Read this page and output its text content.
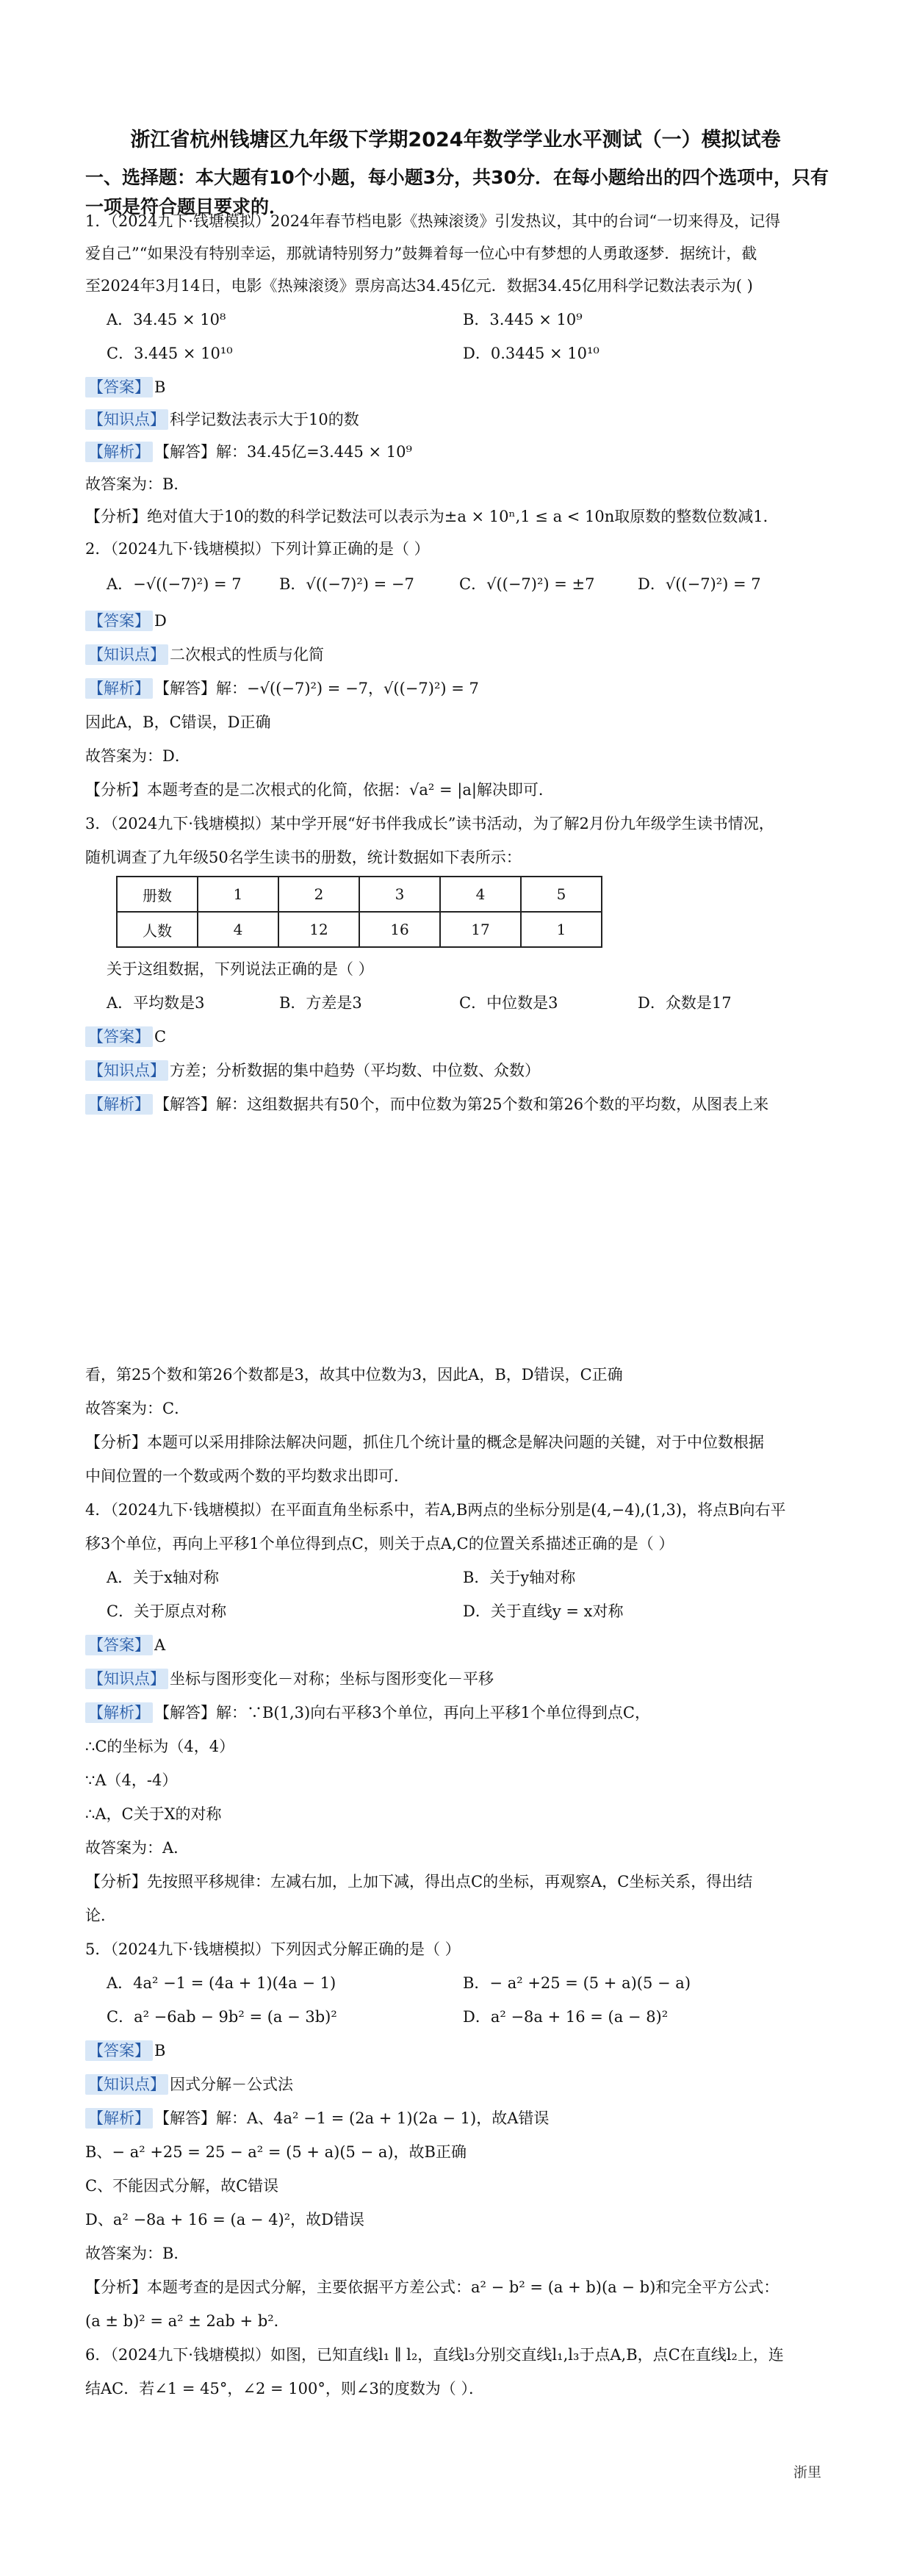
浙江省杭州钱塘区九年级下学期2024年数学学业水平测试（一）模拟试卷
一、选择题：本大题有10个小题，每小题3分，共30分．在每小题给出的四个选项中，只有一项是符合题目要求的．
1．（2024九下·钱塘模拟）2024年春节档电影《热辣滚烫》引发热议，其中的台词“一切来得及，记得
爱自己”“如果没有特别幸运，那就请特别努力”鼓舞着每一位心中有梦想的人勇敢逐梦．据统计，截
至2024年3月14日，电影《热辣滚烫》票房高达34.45亿元．数据34.45亿用科学记数法表示为( )
A．34.45 × 10⁸	B．3.445 × 10⁹
C．3.445 × 10¹⁰	D．0.3445 × 10¹⁰
【答案】 B
【知识点】 科学记数法表示大于10的数
【解析】 【解答】解：34.45亿=3.445 × 10⁹
故答案为：B．
【分析】绝对值大于10的数的科学记数法可以表示为±a × 10ⁿ,1 ≤ a < 10n取原数的整数位数减1．
2．（2024九下·钱塘模拟）下列计算正确的是（ ）
A．−√((−7)²) = 7 B．√((−7)²) = −7	C．√((−7)²) = ±7	D．√((−7)²) = 7
【答案】 D
【知识点】 二次根式的性质与化简
【解析】 【解答】解：−√((−7)²) = −7，√((−7)²) = 7
因此A，B，C错误，D正确
故答案为：D．
【分析】本题考查的是二次根式的化简，依据：√a² = |a|解决即可．
3．（2024九下·钱塘模拟）某中学开展“好书伴我成长”读书活动，为了解2月份九年级学生读书情况，
随机调查了九年级50名学生读书的册数，统计数据如下表所示：
册数	1	2	3	4	5
人数	4	12	16	17	1
关于这组数据，下列说法正确的是（ ）
A．平均数是3	B．方差是3	C．中位数是3	D．众数是17
【答案】 C
【知识点】 方差；分析数据的集中趋势（平均数、中位数、众数）
【解析】 【解答】解：这组数据共有50个，而中位数为第25个数和第26个数的平均数，从图表上来
看，第25个数和第26个数都是3，故其中位数为3，因此A，B，D错误，C正确
故答案为：C．
【分析】本题可以采用排除法解决问题，抓住几个统计量的概念是解决问题的关键，对于中位数根据
中间位置的一个数或两个数的平均数求出即可．
4．（2024九下·钱塘模拟）在平面直角坐标系中，若A,B两点的坐标分别是(4,−4),(1,3)，将点B向右平
移3个单位，再向上平移1个单位得到点C，则关于点A,C的位置关系描述正确的是（ ）
A．关于x轴对称	B．关于y轴对称
C．关于原点对称	D．关于直线y = x对称
【答案】 A
【知识点】 坐标与图形变化－对称；坐标与图形变化－平移
【解析】 【解答】解：∵B(1,3)向右平移3个单位，再向上平移1个单位得到点C，
∴C的坐标为（4，4）
∵A（4，-4）
∴A，C关于X的对称
故答案为：A．
【分析】先按照平移规律：左减右加，上加下减，得出点C的坐标，再观察A，C坐标关系，得出结
论．
5．（2024九下·钱塘模拟）下列因式分解正确的是（ ）
A．4a² −1 = (4a + 1)(4a − 1)	B．− a² +25 = (5 + a)(5 − a)
C．a² −6ab − 9b² = (a − 3b)²	D．a² −8a + 16 = (a − 8)²
【答案】 B
【知识点】 因式分解－公式法
【解析】 【解答】解：A、4a² −1 = (2a + 1)(2a − 1)，故A错误
B、− a² +25 = 25 − a² = (5 + a)(5 − a)，故B正确
C、不能因式分解，故C错误
D、a² −8a + 16 = (a − 4)²，故D错误
故答案为：B．
【分析】本题考查的是因式分解，主要依据平方差公式：a² − b² = (a + b)(a − b)和完全平方公式：
(a ± b)² = a² ± 2ab + b²．
6．（2024九下·钱塘模拟）如图，已知直线l₁ ∥ l₂，直线l₃分别交直线l₁,l₃于点A,B，点C在直线l₂上，连
结AC．若∠1 = 45°，∠2 = 100°，则∠3的度数为（ ）．
浙里
